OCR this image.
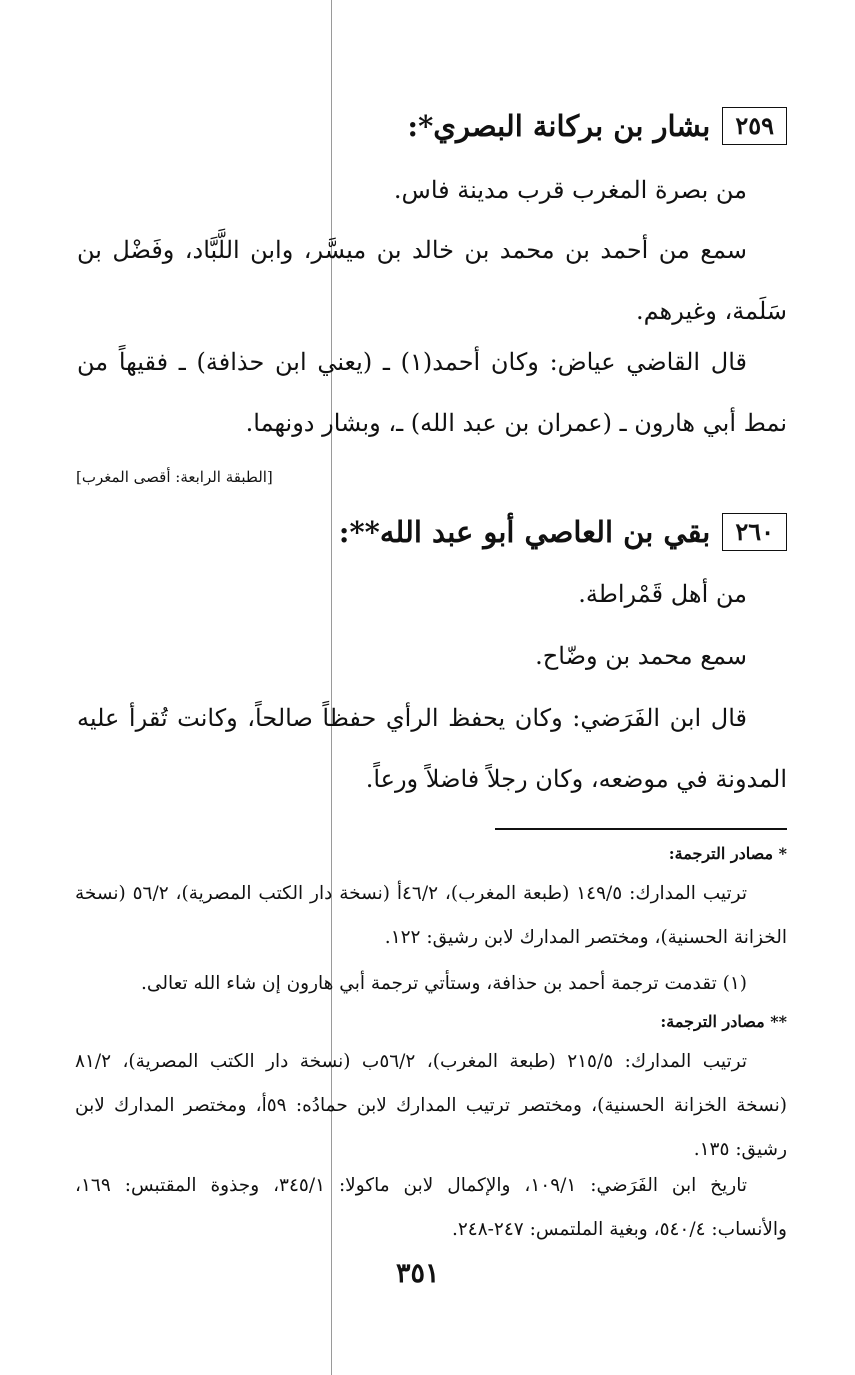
٢٥٩
بشار بن بركانة البصري*:

من بصرة المغرب قرب مدينة فاس.

سمع من أحمد بن محمد بن خالد بن ميسَّر، وابن اللَّبَّاد، وفَضْل بن سَلَمة، وغيرهم.

قال القاضي عياض: وكان أحمد(١) ـ (يعني ابن حذافة) ـ فقيهاً من نمط أبي هارون ـ (عمران بن عبد الله) ـ، وبشار دونهما.

[الطبقة الرابعة: أقصى المغرب]
٢٦٠
بقي بن العاصي أبو عبد الله**:

من أهل قَمْراطة.

سمع محمد بن وضّاح.

قال ابن الفَرَضي: وكان يحفظ الرأي حفظاً صالحاً، وكانت تُقرأ عليه المدونة في موضعه، وكان رجلاً فاضلاً ورعاً.

* مصادر الترجمة:

ترتيب المدارك: ١٤٩/٥ (طبعة المغرب)، ٤٦/٢أ (نسخة دار الكتب المصرية)، ٥٦/٢ (نسخة الخزانة الحسنية)، ومختصر المدارك لابن رشيق: ١٢٢.

(١) تقدمت ترجمة أحمد بن حذافة، وستأتي ترجمة أبي هارون إن شاء الله تعالى.

** مصادر الترجمة:

ترتيب المدارك: ٢١٥/٥ (طبعة المغرب)، ٥٦/٢ب (نسخة دار الكتب المصرية)، ٨١/٢ (نسخة الخزانة الحسنية)، ومختصر ترتيب المدارك لابن حمادُه: ٥٩أ، ومختصر المدارك لابن رشيق: ١٣٥.

تاريخ ابن الفَرَضي: ١٠٩/١، والإكمال لابن ماكولا: ٣٤٥/١، وجذوة المقتبس: ١٦٩، والأنساب: ٥٤٠/٤، وبغية الملتمس: ٢٤٧-٢٤٨.

٣٥١
